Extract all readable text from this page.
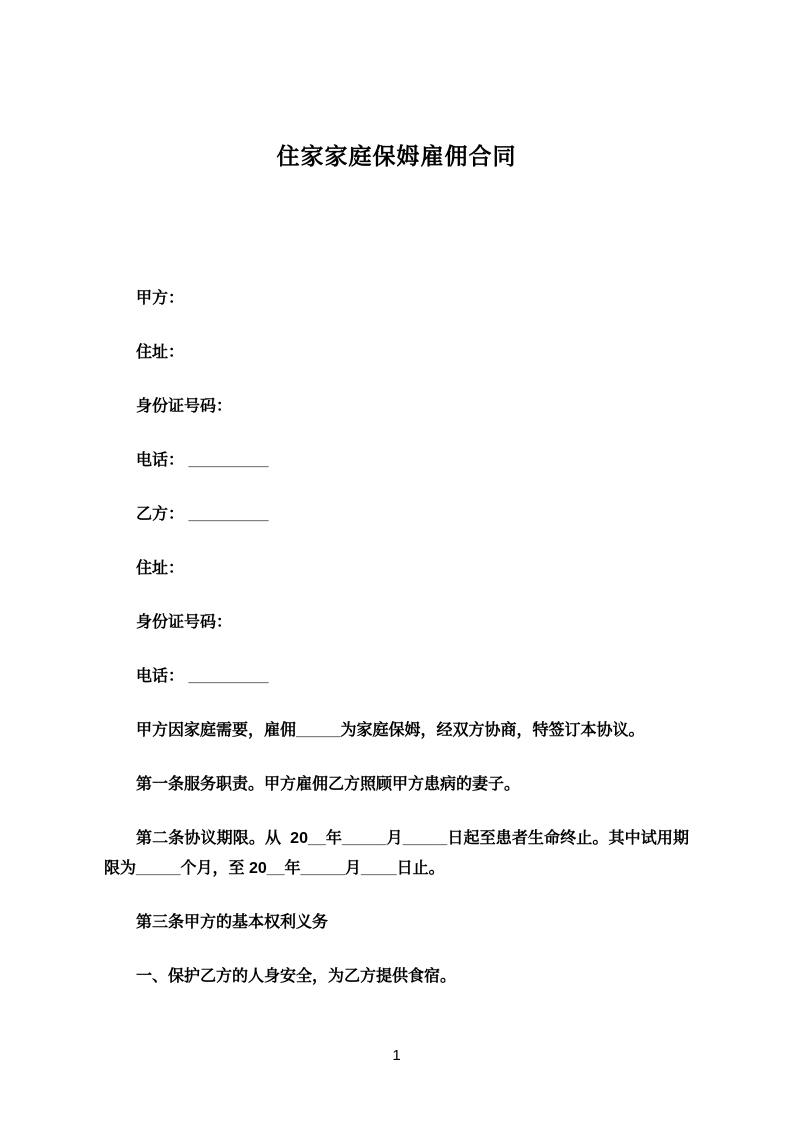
住家家庭保姆雇佣合同
甲方：
住址：
身份证号码：
电话： _________
乙方： _________
住址：
身份证号码：
电话： _________

甲方因家庭需要，雇佣_____为家庭保姆，经双方协商，特签订本协议。

第一条服务职责。甲方雇佣乙方照顾甲方患病的妻子。

第二条协议期限。从  20__年_____月_____日起至患者生命终止。其中试用期限为_____个月，至 20__年_____月____日止。

第三条甲方的基本权利义务

一、保护乙方的人身安全，为乙方提供食宿。

1
